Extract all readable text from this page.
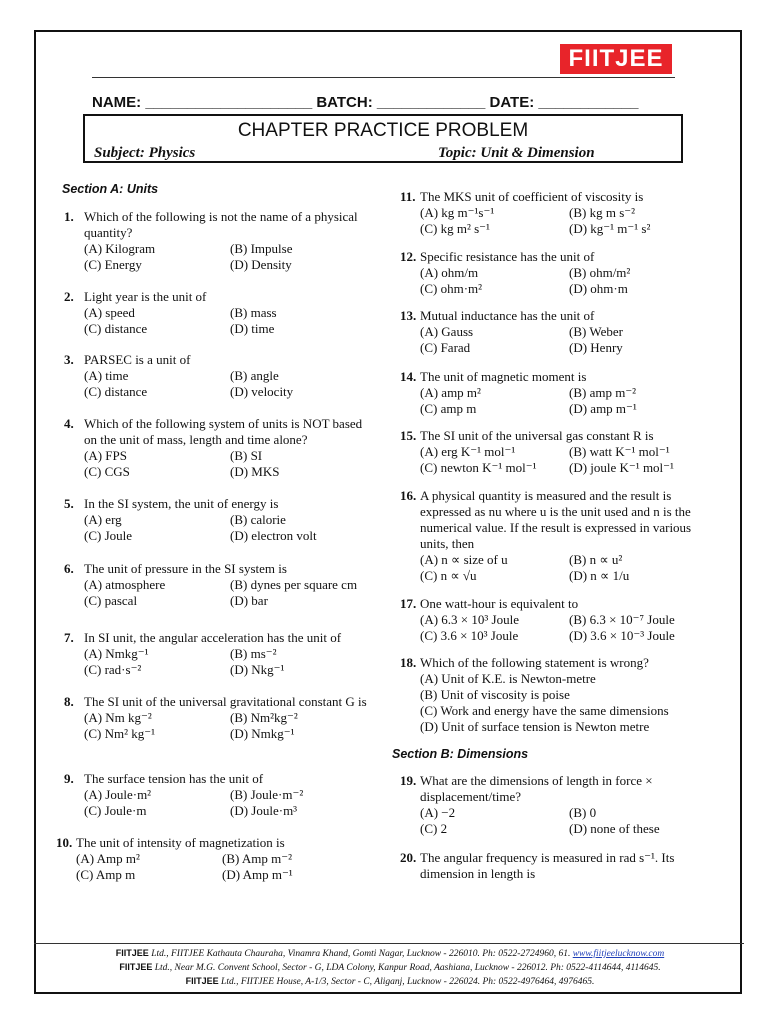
FIITJEE
NAME: ____________________ BATCH: _____________ DATE: ____________
CHAPTER PRACTICE PROBLEM
Subject: Physics	Topic: Unit & Dimension
Section A: Units
Section B: Dimensions
1. Which of the following is not the name of a physical quantity?
(A) Kilogram	(B) Impulse
(C) Energy	(D) Density
2. Light year is the unit of
(A) speed	(B) mass
(C) distance	(D) time
3. PARSEC is a unit of
(A) time	(B) angle
(C) distance	(D) velocity
4. Which of the following system of units is NOT based on the unit of mass, length and time alone?
(A) FPS	(B) SI
(C) CGS	(D) MKS
5. In the SI system, the unit of energy is
(A) erg	(B) calorie
(C) Joule	(D) electron volt
6. The unit of pressure in the SI system is
(A) atmosphere	(B) dynes per square cm
(C) pascal	(D) bar
7. In SI unit, the angular acceleration has the unit of
(A) Nmkg⁻¹	(B) ms⁻²
(C) rad·s⁻²	(D) Nkg⁻¹
8. The SI unit of the universal gravitational constant G is
(A) Nm kg⁻²	(B) Nm²kg⁻²
(C) Nm² kg⁻¹	(D) Nmkg⁻¹
9. The surface tension has the unit of
(A) Joule·m²	(B) Joule·m⁻²
(C) Joule·m	(D) Joule·m³
10. The unit of intensity of magnetization is
(A) Amp m²	(B) Amp m⁻²
(C) Amp m	(D) Amp m⁻¹
11. The MKS unit of coefficient of viscosity is
(A) kg m⁻¹s⁻¹	(B) kg m s⁻²
(C) kg m² s⁻¹	(D) kg⁻¹ m⁻¹ s²
12. Specific resistance has the unit of
(A) ohm/m	(B) ohm/m²
(C) ohm·m²	(D) ohm·m
13. Mutual inductance has the unit of
(A) Gauss	(B) Weber
(C) Farad	(D) Henry
14. The unit of magnetic moment is
(A) amp m²	(B) amp m⁻²
(C) amp m	(D) amp m⁻¹
15. The SI unit of the universal gas constant R is
(A) erg K⁻¹ mol⁻¹	(B) watt K⁻¹ mol⁻¹
(C) newton K⁻¹ mol⁻¹	(D) joule K⁻¹ mol⁻¹
16. A physical quantity is measured and the result is expressed as nu where u is the unit used and n is the numerical value. If the result is expressed in various units, then
(A) n ∝ size of u	(B) n ∝ u²
(C) n ∝ √u	(D) n ∝ 1/u
17. One watt-hour is equivalent to
(A) 6.3 × 10³ Joule	(B) 6.3 × 10⁻⁷ Joule
(C) 3.6 × 10³ Joule	(D) 3.6 × 10⁻³ Joule
18. Which of the following statement is wrong?
(A) Unit of K.E. is Newton-metre
(B) Unit of viscosity is poise
(C) Work and energy have the same dimensions
(D) Unit of surface tension is Newton metre
19. What are the dimensions of length in force × displacement/time?
(A) −2	(B) 0
(C) 2	(D) none of these
20. The angular frequency is measured in rad s⁻¹. Its dimension in length is
FIITJEE Ltd., FIITJEE Kathauta Chauraha, Vinamra Khand, Gomti Nagar, Lucknow - 226010. Ph: 0522-2724960, 61. www.fiitjeelucknow.com
FIITJEE Ltd., Near M.G. Convent School, Sector - G, LDA Colony, Kanpur Road, Aashiana, Lucknow - 226012. Ph: 0522-4114644, 4114645.
FIITJEE Ltd., FIITJEE House, A-1/3, Sector - C, Aliganj, Lucknow - 226024. Ph: 0522-4976464, 4976465.
